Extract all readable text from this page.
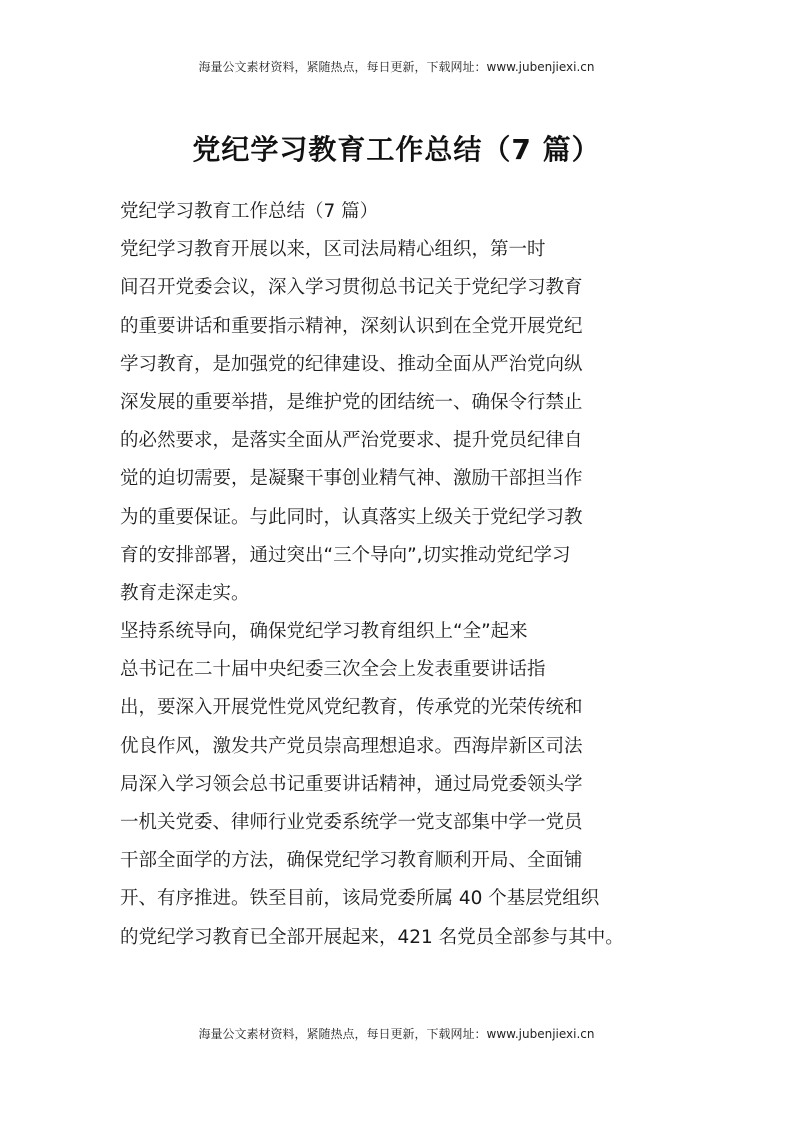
海量公文素材资料，紧随热点，每日更新，下载网址：www.jubenjiexi.cn
党纪学习教育工作总结（7 篇）
党纪学习教育工作总结（7 篇）
党纪学习教育开展以来，区司法局精心组织，第一时
间召开党委会议，深入学习贯彻总书记关于党纪学习教育
的重要讲话和重要指示精神，深刻认识到在全党开展党纪
学习教育，是加强党的纪律建设、推动全面从严治党向纵
深发展的重要举措，是维护党的团结统一、确保令行禁止
的必然要求，是落实全面从严治党要求、提升党员纪律自
觉的迫切需要，是凝聚干事创业精气神、激励干部担当作
为的重要保证。与此同时，认真落实上级关于党纪学习教
育的安排部署，通过突出“三个导向”,切实推动党纪学习
教育走深走实。
坚持系统导向，确保党纪学习教育组织上“全”起来
总书记在二十届中央纪委三次全会上发表重要讲话指
出，要深入开展党性党风党纪教育，传承党的光荣传统和
优良作风，激发共产党员崇高理想追求。西海岸新区司法
局深入学习领会总书记重要讲话精神，通过局党委领头学
一机关党委、律师行业党委系统学一党支部集中学一党员
干部全面学的方法，确保党纪学习教育顺利开局、全面铺
开、有序推进。铁至目前，该局党委所属 40 个基层党组织
的党纪学习教育已全部开展起来，421 名党员全部参与其中。
海量公文素材资料，紧随热点，每日更新，下载网址：www.jubenjiexi.cn
